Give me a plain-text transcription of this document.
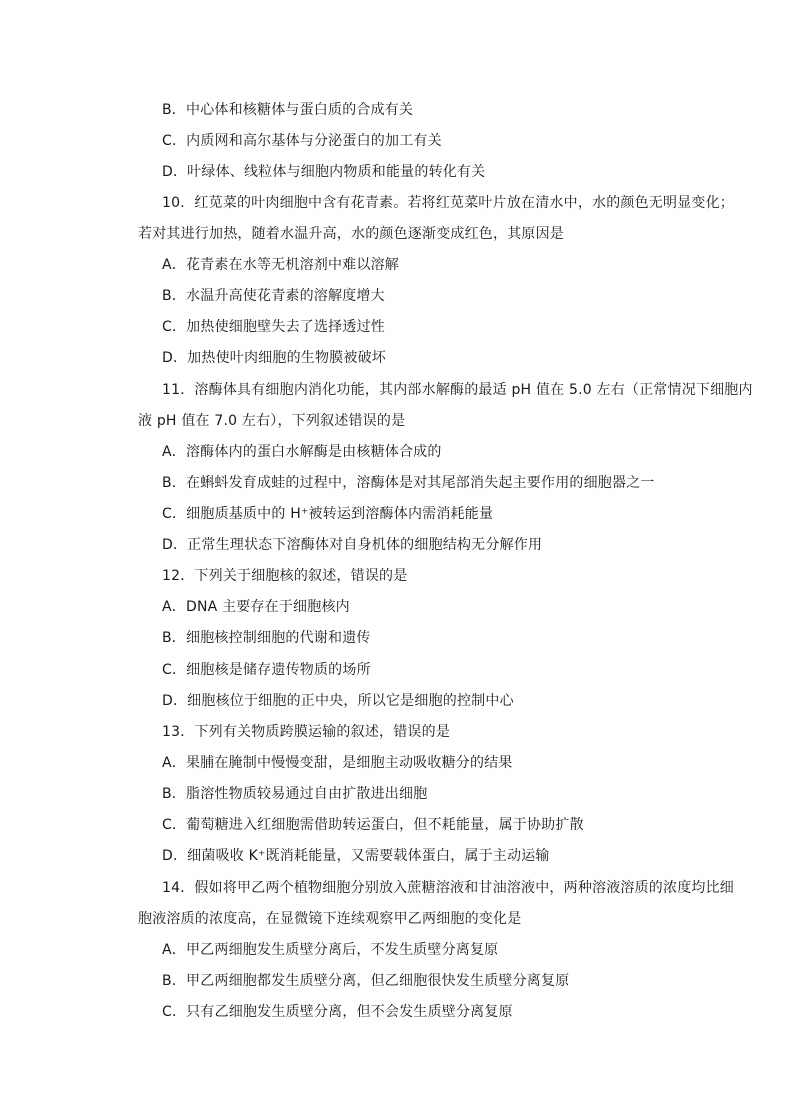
B．中心体和核糖体与蛋白质的合成有关
C．内质网和高尔基体与分泌蛋白的加工有关
D．叶绿体、线粒体与细胞内物质和能量的转化有关
10．红苋菜的叶肉细胞中含有花青素。若将红苋菜叶片放在清水中，水的颜色无明显变化；
若对其进行加热，随着水温升高，水的颜色逐渐变成红色，其原因是
A．花青素在水等无机溶剂中难以溶解
B．水温升高使花青素的溶解度增大
C．加热使细胞壁失去了选择透过性
D．加热使叶肉细胞的生物膜被破坏
11．溶酶体具有细胞内消化功能，其内部水解酶的最适 pH 值在 5.0 左右（正常情况下细胞内
液 pH 值在 7.0 左右），下列叙述错误的是
A．溶酶体内的蛋白水解酶是由核糖体合成的
B．在蝌蚪发育成蛙的过程中，溶酶体是对其尾部消失起主要作用的细胞器之一
C．细胞质基质中的 H⁺被转运到溶酶体内需消耗能量
D．正常生理状态下溶酶体对自身机体的细胞结构无分解作用
12．下列关于细胞核的叙述，错误的是
A．DNA 主要存在于细胞核内
B．细胞核控制细胞的代谢和遗传
C．细胞核是储存遗传物质的场所
D．细胞核位于细胞的正中央，所以它是细胞的控制中心
13．下列有关物质跨膜运输的叙述，错误的是
A．果脯在腌制中慢慢变甜，是细胞主动吸收糖分的结果
B．脂溶性物质较易通过自由扩散进出细胞
C．葡萄糖进入红细胞需借助转运蛋白，但不耗能量，属于协助扩散
D．细菌吸收 K⁺既消耗能量，又需要载体蛋白，属于主动运输
14．假如将甲乙两个植物细胞分别放入蔗糖溶液和甘油溶液中，两种溶液溶质的浓度均比细
胞液溶质的浓度高，在显微镜下连续观察甲乙两细胞的变化是
A．甲乙两细胞发生质壁分离后，不发生质壁分离复原
B．甲乙两细胞都发生质壁分离，但乙细胞很快发生质壁分离复原
C．只有乙细胞发生质壁分离，但不会发生质壁分离复原
